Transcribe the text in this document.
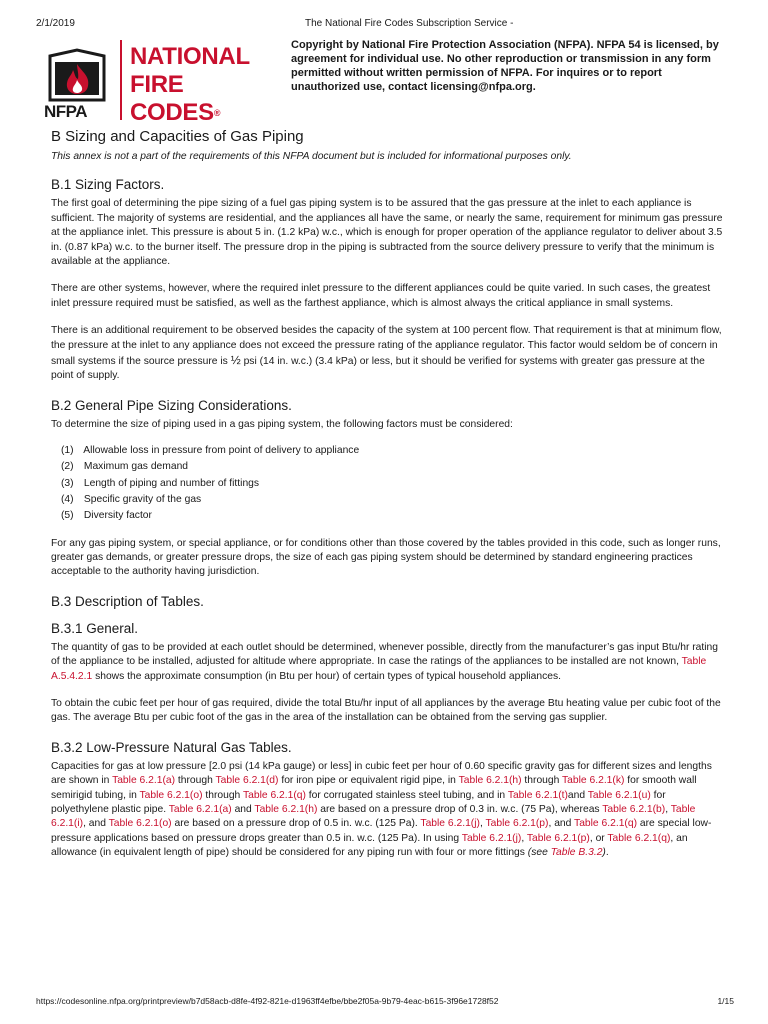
2/1/2019	The National Fire Codes Subscription Service -
NFPA
NATIONAL
FIRE CODES®
Copyright by National Fire Protection Association (NFPA). NFPA 54 is licensed, by agreement for individual use. No other reproduction or transmission in any form permitted without written permission of NFPA. For inquires or to report unauthorized use, contact licensing@nfpa.org.
B Sizing and Capacities of Gas Piping

This annex is not a part of the requirements of this NFPA document but is included for informational purposes only.

B.1 Sizing Factors.

The first goal of determining the pipe sizing of a fuel gas piping system is to be assured that the gas pressure at the inlet to each appliance is sufficient. The majority of systems are residential, and the appliances all have the same, or nearly the same, requirement for minimum gas pressure at the appliance inlet. This pressure is about 5 in. (1.2 kPa) w.c., which is enough for proper operation of the appliance regulator to deliver about 3.5 in. (0.87 kPa) w.c. to the burner itself. The pressure drop in the piping is subtracted from the source delivery pressure to verify that the minimum is available at the appliance.

There are other systems, however, where the required inlet pressure to the different appliances could be quite varied. In such cases, the greatest inlet pressure required must be satisfied, as well as the farthest appliance, which is almost always the critical appliance in small systems.

There is an additional requirement to be observed besides the capacity of the system at 100 percent flow. That requirement is that at minimum flow, the pressure at the inlet to any appliance does not exceed the pressure rating of the appliance regulator. This factor would seldom be of concern in small systems if the source pressure is ½ psi (14 in. w.c.) (3.4 kPa) or less, but it should be verified for systems with greater gas pressure at the point of supply.

B.2 General Pipe Sizing Considerations.

To determine the size of piping used in a gas piping system, the following factors must be considered:

(1) Allowable loss in pressure from point of delivery to appliance
(2) Maximum gas demand
(3) Length of piping and number of fittings
(4) Specific gravity of the gas
(5) Diversity factor

For any gas piping system, or special appliance, or for conditions other than those covered by the tables provided in this code, such as longer runs, greater gas demands, or greater pressure drops, the size of each gas piping system should be determined by standard engineering practices acceptable to the authority having jurisdiction.

B.3 Description of Tables.
B.3.1 General.

The quantity of gas to be provided at each outlet should be determined, whenever possible, directly from the manufacturer’s gas input Btu/hr rating of the appliance to be installed, adjusted for altitude where appropriate. In case the ratings of the appliances to be installed are not known, Table A.5.4.2.1 shows the approximate consumption (in Btu per hour) of certain types of typical household appliances.

To obtain the cubic feet per hour of gas required, divide the total Btu/hr input of all appliances by the average Btu heating value per cubic foot of the gas. The average Btu per cubic foot of the gas in the area of the installation can be obtained from the serving gas supplier.

B.3.2 Low-Pressure Natural Gas Tables.

Capacities for gas at low pressure [2.0 psi (14 kPa gauge) or less] in cubic feet per hour of 0.60 specific gravity gas for different sizes and lengths are shown in Table 6.2.1(a) through Table 6.2.1(d) for iron pipe or equivalent rigid pipe, in Table 6.2.1(h) through Table 6.2.1(k) for smooth wall semirigid tubing, in Table 6.2.1(o) through Table 6.2.1(q) for corrugated stainless steel tubing, and in Table 6.2.1(t)and Table 6.2.1(u) for polyethylene plastic pipe. Table 6.2.1(a) and Table 6.2.1(h) are based on a pressure drop of 0.3 in. w.c. (75 Pa), whereas Table 6.2.1(b), Table 6.2.1(i), and Table 6.2.1(o) are based on a pressure drop of 0.5 in. w.c. (125 Pa). Table 6.2.1(j), Table 6.2.1(p), and Table 6.2.1(q) are special low-pressure applications based on pressure drops greater than 0.5 in. w.c. (125 Pa). In using Table 6.2.1(j), Table 6.2.1(p), or Table 6.2.1(q), an allowance (in equivalent length of pipe) should be considered for any piping run with four or more fittings (see Table B.3.2).

https://codesonline.nfpa.org/printpreview/b7d58acb-d8fe-4f92-821e-d1963ff4efbe/bbe2f05a-9b79-4eac-b615-3f96e1728f52	1/15
